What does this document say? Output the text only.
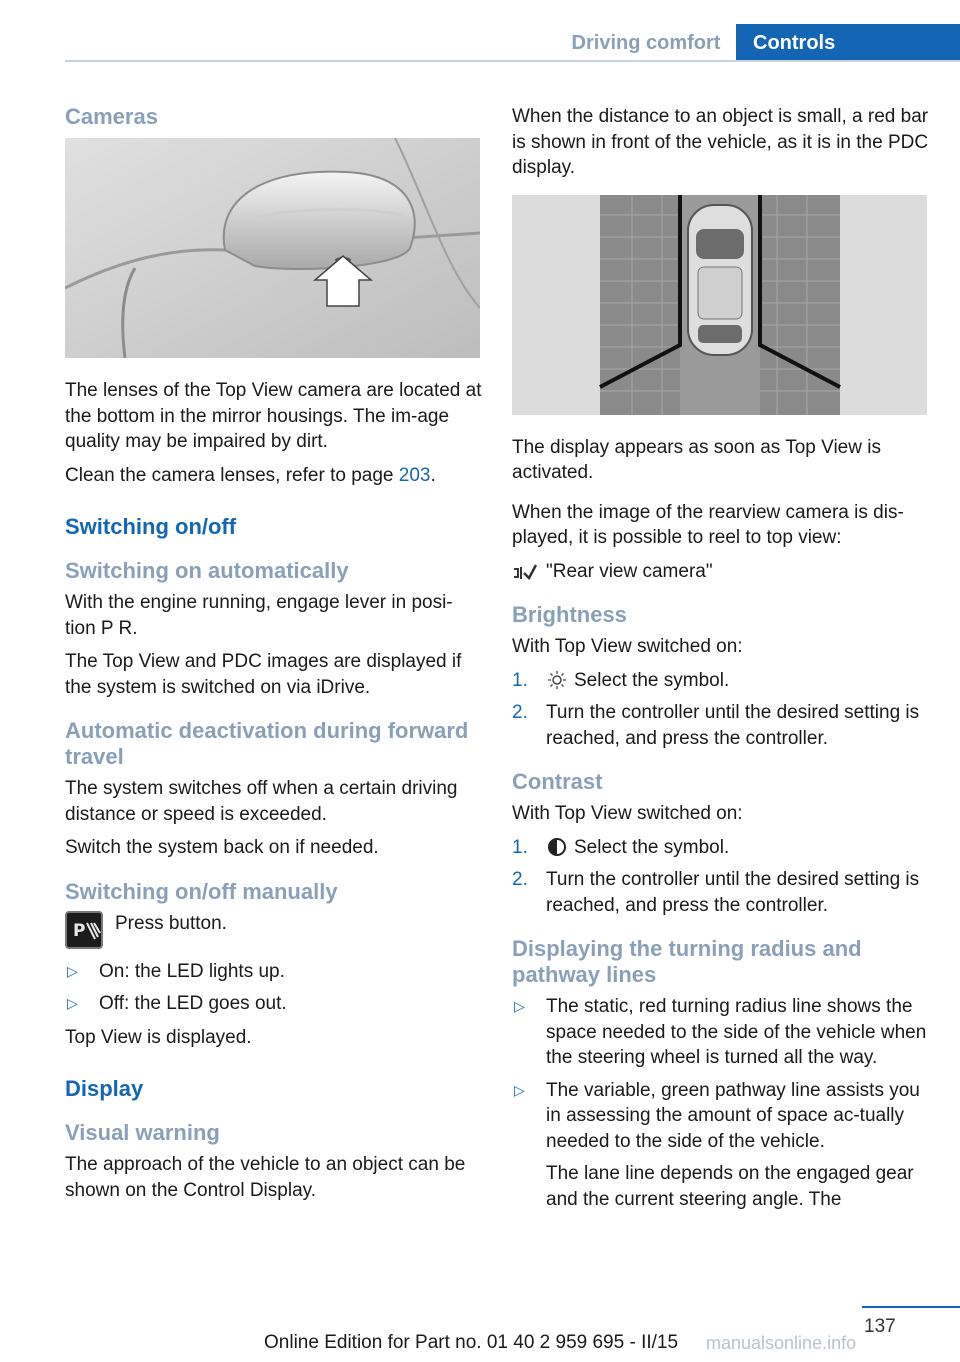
Driving comfort	Controls
Cameras

The lenses of the Top View camera are located at the bottom in the mirror housings. The im‐age quality may be impaired by dirt.

Clean the camera lenses, refer to page 203.

Switching on/off
Switching on automatically

With the engine running, engage lever in posi‐tion P R.

The Top View and PDC images are displayed if the system is switched on via iDrive.

Automatic deactivation during forward travel

The system switches off when a certain driving distance or speed is exceeded.

Switch the system back on if needed.

Switching on/off manually
P Press button.

▷ On: the LED lights up.
▷ Off: the LED goes out.

Top View is displayed.

Display
Visual warning

The approach of the vehicle to an object can be shown on the Control Display.

When the distance to an object is small, a red bar is shown in front of the vehicle, as it is in the PDC display.

The display appears as soon as Top View is activated.

When the image of the rearview camera is dis‐played, it is possible to reel to top view:

"Rear view camera"

Brightness

With Top View switched on:

1. Select the symbol.
2. Turn the controller until the desired setting is reached, and press the controller.
Contrast

With Top View switched on:

1. Select the symbol.
2. Turn the controller until the desired setting is reached, and press the controller.
Displaying the turning radius and pathway lines
▷ The static, red turning radius line shows the space needed to the side of the vehicle when the steering wheel is turned all the way.
▷ The variable, green pathway line assists you in assessing the amount of space ac‐tually needed to the side of the vehicle.
The lane line depends on the engaged gear and the current steering angle. The
137
Online Edition for Part no. 01 40 2 959 695 - II/15 manualsonline.info
